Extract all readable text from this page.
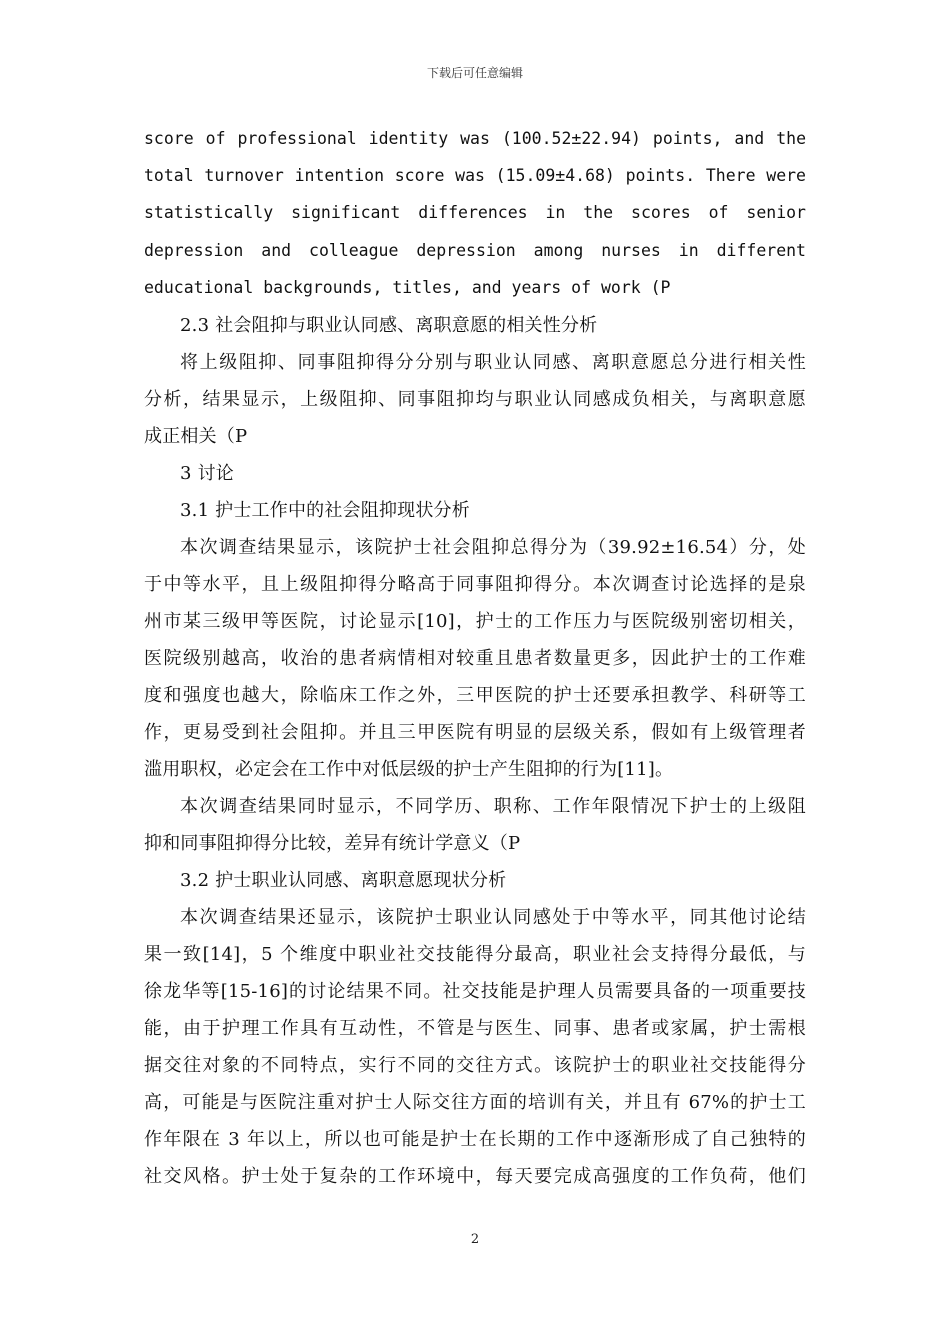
下载后可任意编辑
score of professional identity was (100.52±22.94) points, and the
total turnover intention score was (15.09±4.68) points. There were
statistically significant differences in the scores of senior
depression and colleague depression among nurses in different
educational backgrounds, titles, and years of work (P
2.3 社会阻抑与职业认同感、离职意愿的相关性分析
将上级阻抑、同事阻抑得分分别与职业认同感、离职意愿总分进行相关性
分析，结果显示，上级阻抑、同事阻抑均与职业认同感成负相关，与离职意愿
成正相关（P
3 讨论
3.1 护士工作中的社会阻抑现状分析
本次调查结果显示，该院护士社会阻抑总得分为（39.92±16.54）分，处
于中等水平，且上级阻抑得分略高于同事阻抑得分。本次调查讨论选择的是泉
州市某三级甲等医院，讨论显示[10]，护士的工作压力与医院级别密切相关，
医院级别越高，收治的患者病情相对较重且患者数量更多，因此护士的工作难
度和强度也越大，除临床工作之外，三甲医院的护士还要承担教学、科研等工
作，更易受到社会阻抑。并且三甲医院有明显的层级关系，假如有上级管理者
滥用职权，必定会在工作中对低层级的护士产生阻抑的行为[11]。
本次调查结果同时显示，不同学历、职称、工作年限情况下护士的上级阻
抑和同事阻抑得分比较，差异有统计学意义（P
3.2 护士职业认同感、离职意愿现状分析
本次调查结果还显示，该院护士职业认同感处于中等水平，同其他讨论结
果一致[14]，5 个维度中职业社交技能得分最高，职业社会支持得分最低，与
徐龙华等[15-16]的讨论结果不同。社交技能是护理人员需要具备的一项重要技
能，由于护理工作具有互动性，不管是与医生、同事、患者或家属，护士需根
据交往对象的不同特点，实行不同的交往方式。该院护士的职业社交技能得分
高，可能是与医院注重对护士人际交往方面的培训有关，并且有 67%的护士工
作年限在 3 年以上，所以也可能是护士在长期的工作中逐渐形成了自己独特的
社交风格。护士处于复杂的工作环境中，每天要完成高强度的工作负荷，他们
2
